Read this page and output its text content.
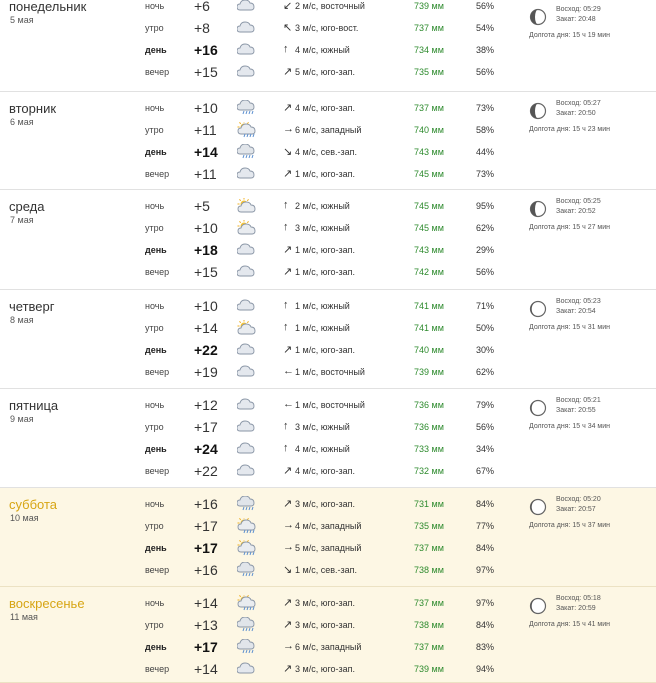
понедельник
5 мая
ночь +6	↙ 2 м/с, восточный	739 мм	56%
утро +8	↖ 3 м/с, юго-вост.	737 мм	54%
день +16	↑ 4 м/с, южный	734 мм	38%
вечер +15	↗ 5 м/с, юго-зап.	735 мм	56%
Восход: 05:29
Закат: 20:48
Долгота дня: 15 ч 19 мин
вторник
6 мая
ночь +10	↗ 4 м/с, юго-зап.	737 мм	73%
утро +11	→ 6 м/с, западный	740 мм	58%
день +14	↘ 4 м/с, сев.-зап.	743 мм	44%
вечер +11	↗ 1 м/с, юго-зап.	745 мм	73%
Восход: 05:27
Закат: 20:50
Долгота дня: 15 ч 23 мин
среда
7 мая
ночь +5	↑ 2 м/с, южный	745 мм	95%
утро +10	↑ 3 м/с, южный	745 мм	62%
день +18	↗ 1 м/с, юго-зап.	743 мм	29%
вечер +15	↗ 1 м/с, юго-зап.	742 мм	56%
Восход: 05:25
Закат: 20:52
Долгота дня: 15 ч 27 мин
четверг
8 мая
ночь +10	↑ 1 м/с, южный	741 мм	71%
утро +14	↑ 1 м/с, южный	741 мм	50%
день +22	↗ 1 м/с, юго-зап.	740 мм	30%
вечер +19	← 1 м/с, восточный	739 мм	62%
Восход: 05:23
Закат: 20:54
Долгота дня: 15 ч 31 мин
пятница
9 мая
ночь +12	← 1 м/с, восточный	736 мм	79%
утро +17	↑ 3 м/с, южный	736 мм	56%
день +24	↑ 4 м/с, южный	733 мм	34%
вечер +22	↗ 4 м/с, юго-зап.	732 мм	67%
Восход: 05:21
Закат: 20:55
Долгота дня: 15 ч 34 мин
суббота
10 мая
ночь +16	↗ 3 м/с, юго-зап.	731 мм	84%
утро +17	→ 4 м/с, западный	735 мм	77%
день +17	→ 5 м/с, западный	737 мм	84%
вечер +16	↘ 1 м/с, сев.-зап.	738 мм	97%
Восход: 05:20
Закат: 20:57
Долгота дня: 15 ч 37 мин
воскресенье
11 мая
ночь +14	↗ 3 м/с, юго-зап.	737 мм	97%
утро +13	↗ 3 м/с, юго-зап.	738 мм	84%
день +17	→ 6 м/с, западный	737 мм	83%
вечер +14	↗ 3 м/с, юго-зап.	739 мм	94%
Восход: 05:18
Закат: 20:59
Долгота дня: 15 ч 41 мин
